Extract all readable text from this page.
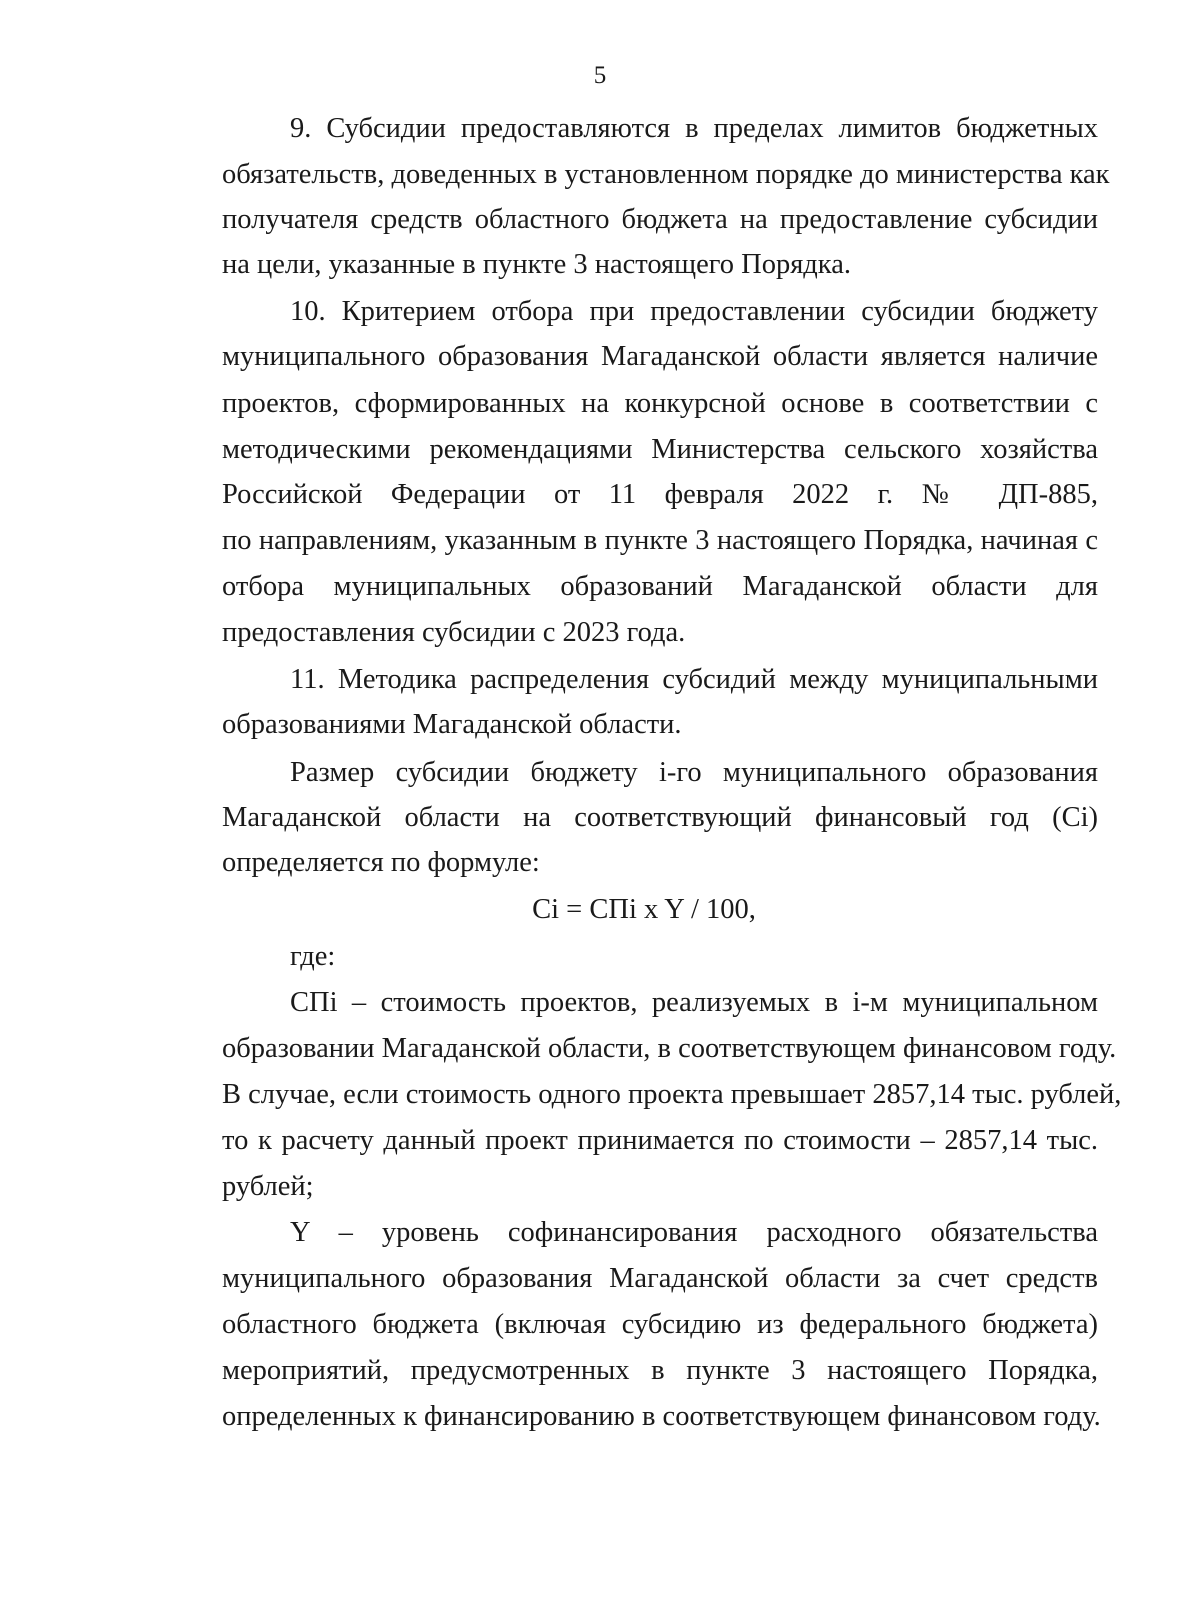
5
9. Субсидии предоставляются в пределах лимитов бюджетных
обязательств, доведенных в установленном порядке до министерства как
получателя средств областного бюджета на предоставление субсидии
на цели, указанные в пункте 3 настоящего Порядка.
10. Критерием отбора при предоставлении субсидии бюджету
муниципального образования Магаданской области является наличие
проектов, сформированных на конкурсной основе в соответствии с
методическими рекомендациями Министерства сельского хозяйства
Российской Федерации от 11 февраля 2022 г. № ДП-885,
по направлениям, указанным в пункте 3 настоящего Порядка, начиная с
отбора муниципальных образований Магаданской области для
предоставления субсидии с 2023 года.
11. Методика распределения субсидий между муниципальными
образованиями Магаданской области.
Размер субсидии бюджету i-го муниципального образования
Магаданской области на соответствующий финансовый год (Ci)
определяется по формуле:
Ci = СПi x Y / 100,
где:
СПi – стоимость проектов, реализуемых в i-м муниципальном
образовании Магаданской области, в соответствующем финансовом году.
В случае, если стоимость одного проекта превышает 2857,14 тыс. рублей,
то к расчету данный проект принимается по стоимости – 2857,14 тыс.
рублей;
Y – уровень софинансирования расходного обязательства
муниципального образования Магаданской области за счет средств
областного бюджета (включая субсидию из федерального бюджета)
мероприятий, предусмотренных в пункте 3 настоящего Порядка,
определенных к финансированию в соответствующем финансовом году.
